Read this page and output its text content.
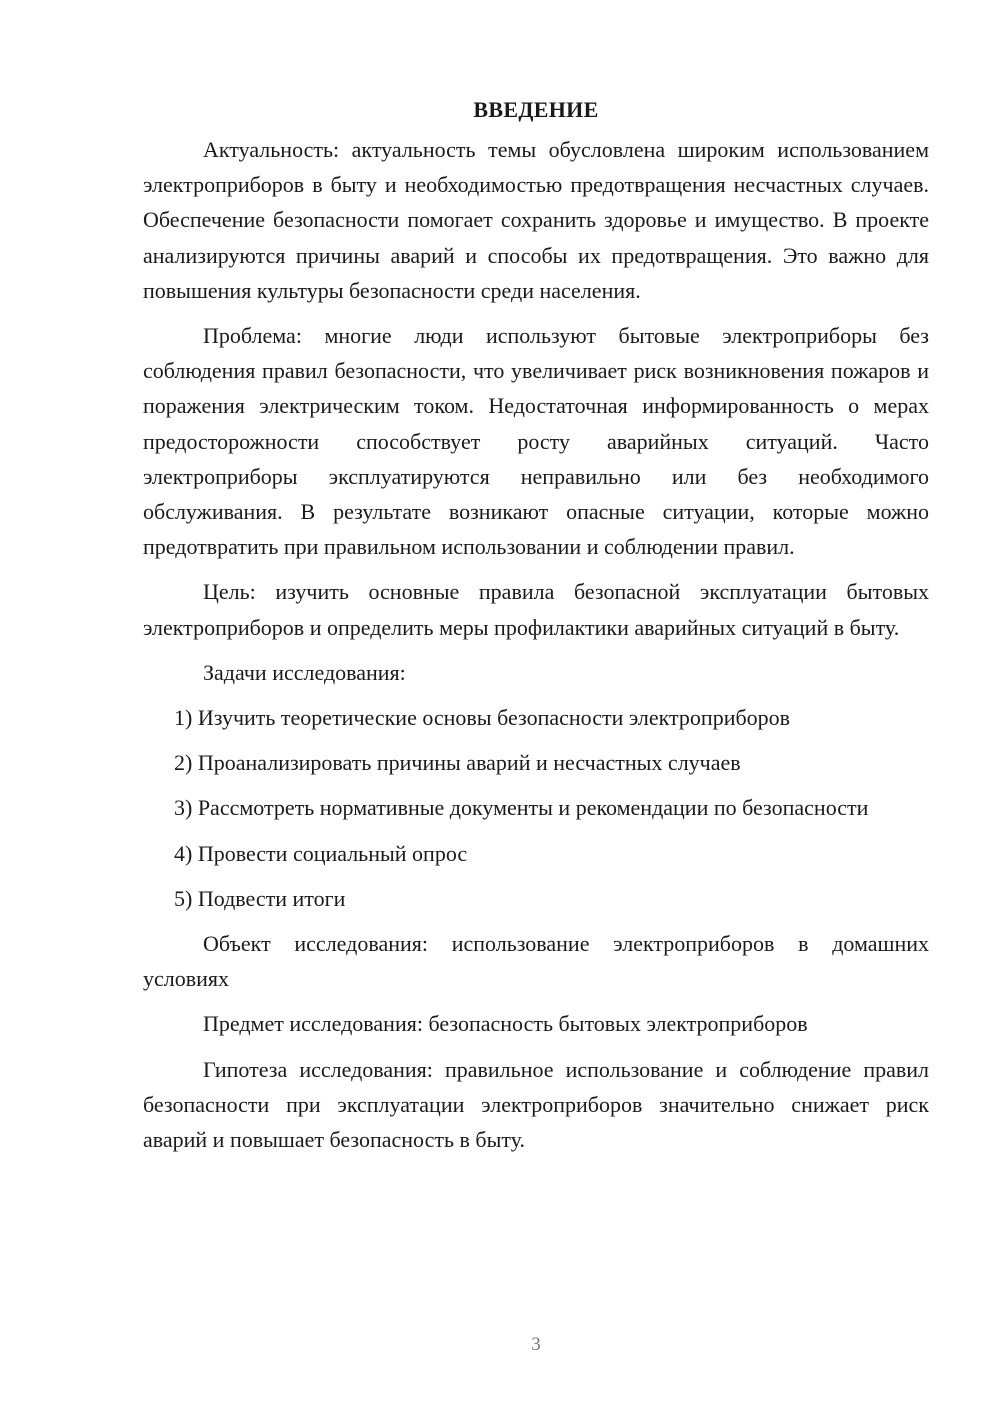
ВВЕДЕНИЕ

Актуальность: актуальность темы обусловлена широким использованием электроприборов в быту и необходимостью предотвращения несчастных случаев. Обеспечение безопасности помогает сохранить здоровье и имущество. В проекте анализируются причины аварий и способы их предотвращения. Это важно для повышения культуры безопасности среди населения.

Проблема: многие люди используют бытовые электроприборы без соблюдения правил безопасности, что увеличивает риск возникновения пожаров и поражения электрическим током. Недостаточная информированность о мерах предосторожности способствует росту аварийных ситуаций. Часто электроприборы эксплуатируются неправильно или без необходимого обслуживания. В результате возникают опасные ситуации, которые можно предотвратить при правильном использовании и соблюдении правил.

Цель: изучить основные правила безопасной эксплуатации бытовых электроприборов и определить меры профилактики аварийных ситуаций в быту.

Задачи исследования:

1) Изучить теоретические основы безопасности электроприборов

2) Проанализировать причины аварий и несчастных случаев

3) Рассмотреть нормативные документы и рекомендации по безопасности

4) Провести социальный опрос

5) Подвести итоги

Объект исследования: использование электроприборов в домашних условиях

Предмет исследования: безопасность бытовых электроприборов

Гипотеза исследования: правильное использование и соблюдение правил безопасности при эксплуатации электроприборов значительно снижает риск аварий и повышает безопасность в быту.

3
